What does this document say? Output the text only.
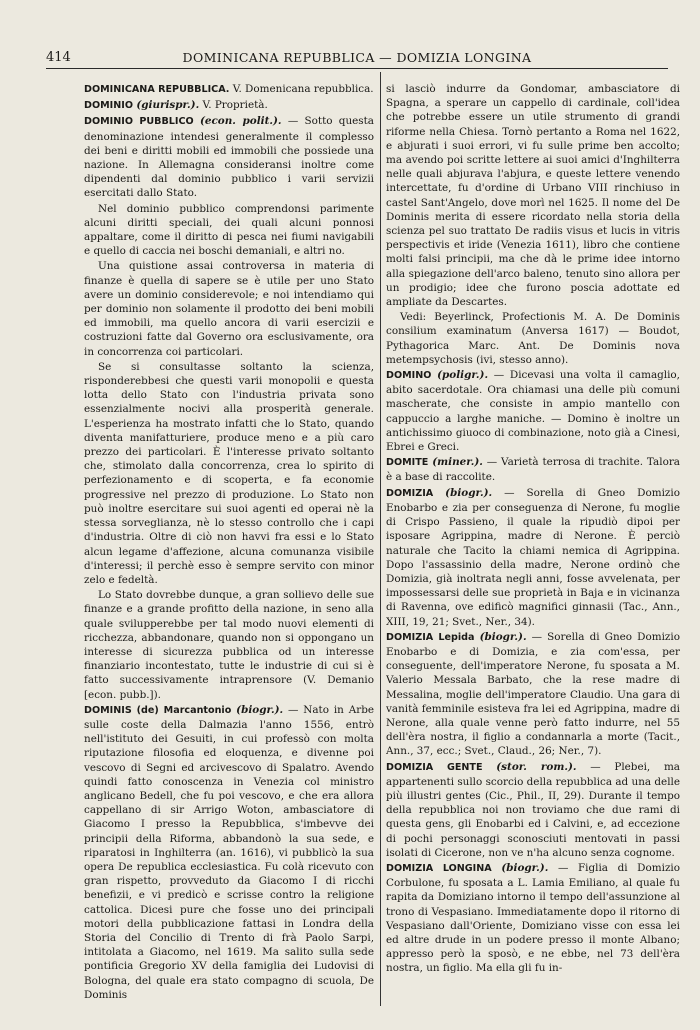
414	DOMINICANA REPUBBLICA — DOMIZIA LONGINA

DOMINICANA REPUBBLICA. V. Domenicana repubblica.

DOMINIO (giurispr.). V. Proprietà.

DOMINIO PUBBLICO (econ. polit.). — Sotto questa denominazione intendesi generalmente il complesso dei beni e diritti mobili ed immobili che possiede una nazione. In Allemagna consideransi inoltre come dipendenti dal dominio pubblico i varii servizii esercitati dallo Stato.

Nel dominio pubblico comprendonsi parimente alcuni diritti speciali, dei quali alcuni ponnosi appaltare, come il diritto di pesca nei fiumi navigabili e quello di caccia nei boschi demaniali, e altri no.

Una quistione assai controversa in materia di finanze è quella di sapere se è utile per uno Stato avere un dominio considerevole; e noi intendiamo qui per dominio non solamente il prodotto dei beni mobili ed immobili, ma quello ancora di varii esercizii e costruzioni fatte dal Governo ora esclusivamente, ora in concorrenza coi particolari.

Se si consultasse soltanto la scienza, risponderebbesi che questi varii monopolii e questa lotta dello Stato con l'industria privata sono essenzialmente nocivi alla prosperità generale. L'esperienza ha mostrato infatti che lo Stato, quando diventa manifatturiere, produce meno e a più caro prezzo dei particolari. È l'interesse privato soltanto che, stimolato dalla concorrenza, crea lo spirito di perfezionamento e di scoperta, e fa economie progressive nel prezzo di produzione. Lo Stato non può inoltre esercitare sui suoi agenti ed operai nè la stessa sorveglianza, nè lo stesso controllo che i capi d'industria. Oltre di ciò non havvi fra essi e lo Stato alcun legame d'affezione, alcuna comunanza visibile d'interessi; il perchè esso è sempre servito con minor zelo e fedeltà.

Lo Stato dovrebbe dunque, a gran sollievo delle sue finanze e a grande profitto della nazione, in seno alla quale svilupperebbe per tal modo nuovi elementi di ricchezza, abbandonare, quando non si oppongano un interesse di sicurezza pubblica od un interesse finanziario incontestato, tutte le industrie di cui si è fatto successivamente intraprensore (V. Demanio [econ. pubb.]).

DOMINIS (de) Marcantonio (biogr.). — Nato in Arbe sulle coste della Dalmazia l'anno 1556, entrò nell'istituto dei Gesuiti, in cui professò con molta riputazione filosofia ed eloquenza, e divenne poi vescovo di Segni ed arcivescovo di Spalatro. Avendo quindi fatto conoscenza in Venezia col ministro anglicano Bedell, che fu poi vescovo, e che era allora cappellano di sir Arrigo Woton, ambasciatore di Giacomo I presso la Repubblica, s'imbevve dei principii della Riforma, abbandonò la sua sede, e riparatosi in Inghilterra (an. 1616), vi pubblicò la sua opera De republica ecclesiastica. Fu colà ricevuto con gran rispetto, provveduto da Giacomo I di ricchi benefizii, e vi predicò e scrisse contro la religione cattolica. Dicesi pure che fosse uno dei principali motori della pubblicazione fattasi in Londra della Storia del Concilio di Trento di frà Paolo Sarpi, intitolata a Giacomo, nel 1619. Ma salito sulla sede pontificia Gregorio XV della famiglia dei Ludovisi di Bologna, del quale era stato compagno di scuola, De Dominis

si lasciò indurre da Gondomar, ambasciatore di Spagna, a sperare un cappello di cardinale, coll'idea che potrebbe essere un utile strumento di grandi riforme nella Chiesa. Tornò pertanto a Roma nel 1622, e abjurati i suoi errori, vi fu sulle prime ben accolto; ma avendo poi scritte lettere ai suoi amici d'Inghilterra nelle quali abjurava l'abjura, e queste lettere venendo intercettate, fu d'ordine di Urbano VIII rinchiuso in castel Sant'Angelo, dove morì nel 1625. Il nome del De Dominis merita di essere ricordato nella storia della scienza pel suo trattato De radiis visus et lucis in vitris perspectivis et iride (Venezia 1611), libro che contiene molti falsi principii, ma che dà le prime idee intorno alla spiegazione dell'arco baleno, tenuto sino allora per un prodigio; idee che furono poscia adottate ed ampliate da Descartes.

Vedi: Beyerlinck, Profectionis M. A. De Dominis consilium examinatum (Anversa 1617) — Boudot, Pythagorica Marc. Ant. De Dominis nova metempsychosis (ivi, stesso anno).

DOMINO (poligr.). — Dicevasi una volta il camaglio, abito sacerdotale. Ora chiamasi una delle più comuni mascherate, che consiste in ampio mantello con cappuccio a larghe maniche. — Domino è inoltre un antichissimo giuoco di combinazione, noto già a Cinesi, Ebrei e Greci.

DOMITE (miner.). — Varietà terrosa di trachite. Talora è a base di raccolite.

DOMIZIA (biogr.). — Sorella di Gneo Domizio Enobarbo e zia per conseguenza di Nerone, fu moglie di Crispo Passieno, il quale la ripudiò dipoi per isposare Agrippina, madre di Nerone. È perciò naturale che Tacito la chiami nemica di Agrippina. Dopo l'assassinio della madre, Nerone ordinò che Domizia, già inoltrata negli anni, fosse avvelenata, per impossessarsi delle sue proprietà in Baja e in vicinanza di Ravenna, ove edificò magnifici ginnasii (Tac., Ann., XIII, 19, 21; Svet., Ner., 34).

DOMIZIA Lepida (biogr.). — Sorella di Gneo Domizio Enobarbo e di Domizia, e zia com'essa, per conseguente, dell'imperatore Nerone, fu sposata a M. Valerio Messala Barbato, che la rese madre di Messalina, moglie dell'imperatore Claudio. Una gara di vanità femminile esisteva fra lei ed Agrippina, madre di Nerone, alla quale venne però fatto indurre, nel 55 dell'èra nostra, il figlio a condannarla a morte (Tacit., Ann., 37, ecc.; Svet., Claud., 26; Ner., 7).

DOMIZIA GENTE (stor. rom.). — Plebei, ma appartenenti sullo scorcio della repubblica ad una delle più illustri gentes (Cic., Phil., II, 29). Durante il tempo della repubblica noi non troviamo che due rami di questa gens, gli Enobarbi ed i Calvini, e, ad eccezione di pochi personaggi sconosciuti mentovati in passi isolati di Cicerone, non ve n'ha alcuno senza cognome.

DOMIZIA LONGINA (biogr.). — Figlia di Domizio Corbulone, fu sposata a L. Lamia Emiliano, al quale fu rapita da Domiziano intorno il tempo dell'assunzione al trono di Vespasiano. Immediatamente dopo il ritorno di Vespasiano dall'Oriente, Domiziano visse con essa lei ed altre drude in un podere presso il monte Albano; appresso però la sposò, e ne ebbe, nel 73 dell'èra nostra, un figlio. Ma ella gli fu in-
